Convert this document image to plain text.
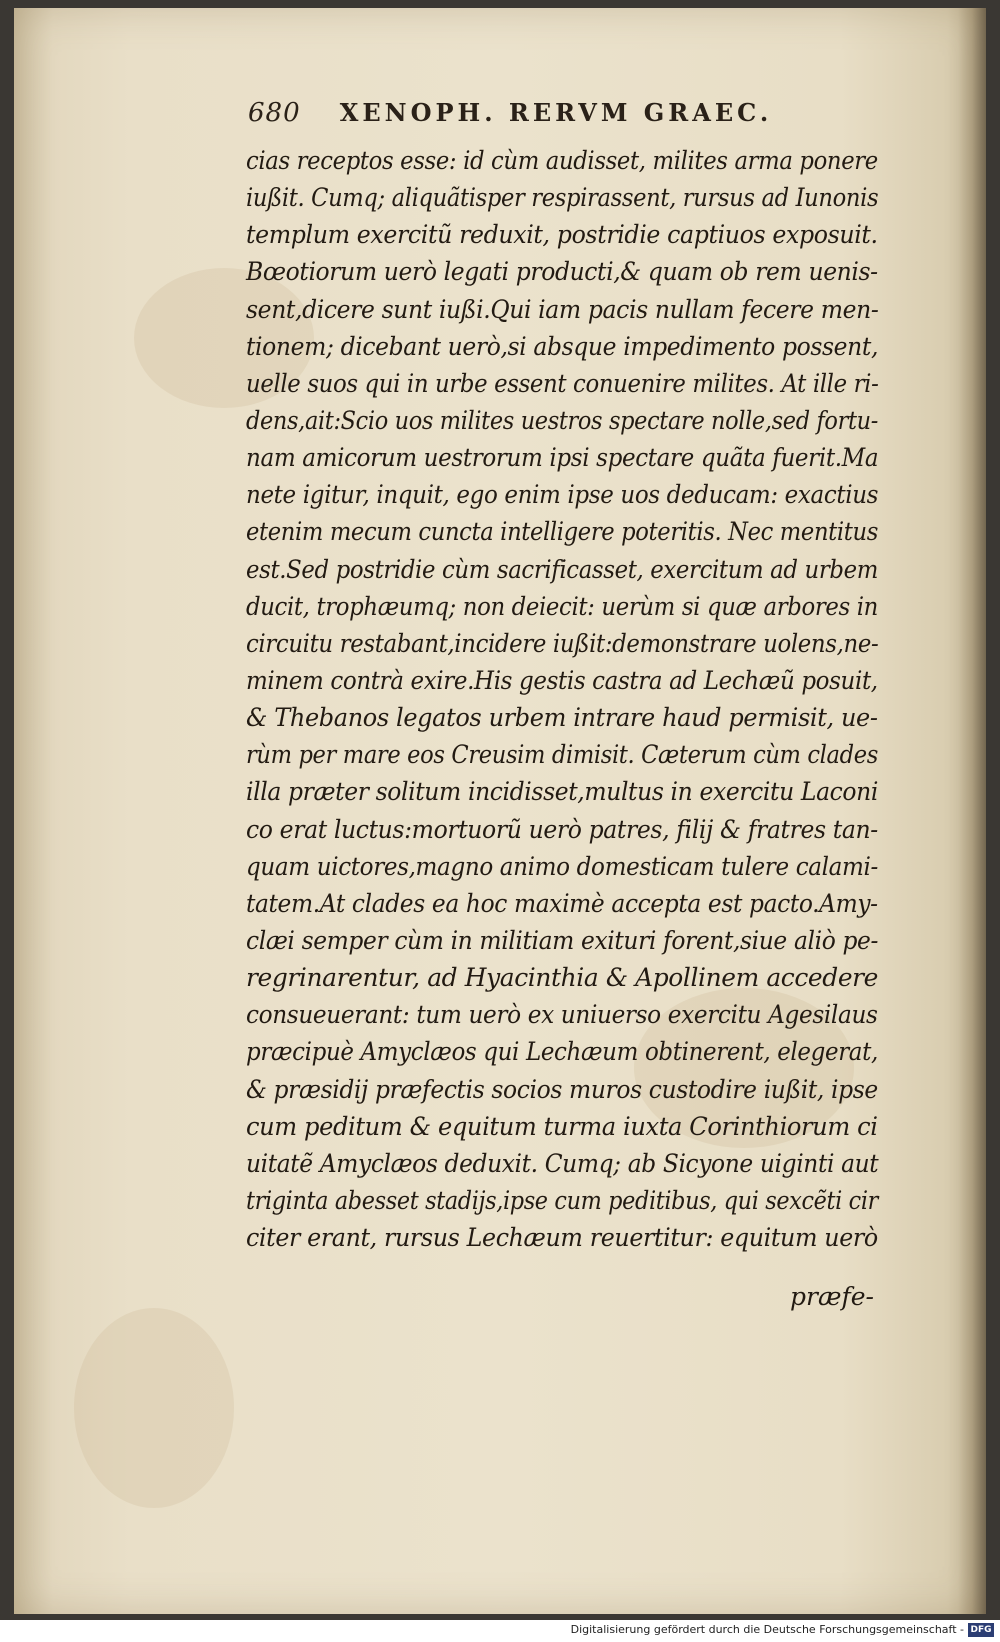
680 XENOPH. RERVM GRAEC.
cias receptos esse: id cùm audisset, milites arma ponere
iußit. Cumq; aliquãtisper respirassent, rursus ad Iunonis
templum exercitũ reduxit, postridie captiuos exposuit.
Bœotiorum uerò legati producti,& quam ob rem uenis-
sent,dicere sunt iußi.Qui iam pacis nullam fecere men-
tionem; dicebant uerò,si absque impedimento possent,
uelle suos qui in urbe essent conuenire milites. At ille ri-
dens,ait:Scio uos milites uestros spectare nolle,sed fortu-
nam amicorum uestrorum ipsi spectare quãta fuerit.Ma
nete igitur, inquit, ego enim ipse uos deducam: exactius
etenim mecum cuncta intelligere poteritis. Nec mentitus
est.Sed postridie cùm sacrificasset, exercitum ad urbem
ducit, trophæumq; non deiecit: uerùm si quæ arbores in
circuitu restabant,incidere iußit:demonstrare uolens,ne-
minem contrà exire.His gestis castra ad Lechæũ posuit,
& Thebanos legatos urbem intrare haud permisit, ue-
rùm per mare eos Creusim dimisit. Cæterum cùm clades
illa præter solitum incidisset,multus in exercitu Laconi
co erat luctus:mortuorũ uerò patres, filij & fratres tan-
quam uictores,magno animo domesticam tulere calami-
tatem.At clades ea hoc maximè accepta est pacto.Amy-
clæi semper cùm in militiam exituri forent,siue aliò pe-
regrinarentur, ad Hyacinthia & Apollinem accedere
consueuerant: tum uerò ex uniuerso exercitu Agesilaus
præcipuè Amyclæos qui Lechæum obtinerent, elegerat,
& præsidij præfectis socios muros custodire iußit, ipse
cum peditum & equitum turma iuxta Corinthiorum ci
uitatẽ Amyclæos deduxit. Cumq; ab Sicyone uiginti aut
triginta abesset stadijs,ipse cum peditibus, qui sexcẽti cir
citer erant, rursus Lechæum reuertitur: equitum uerò
præfe-
Digitalisierung gefördert durch die Deutsche Forschungsgemeinschaft - DFG
